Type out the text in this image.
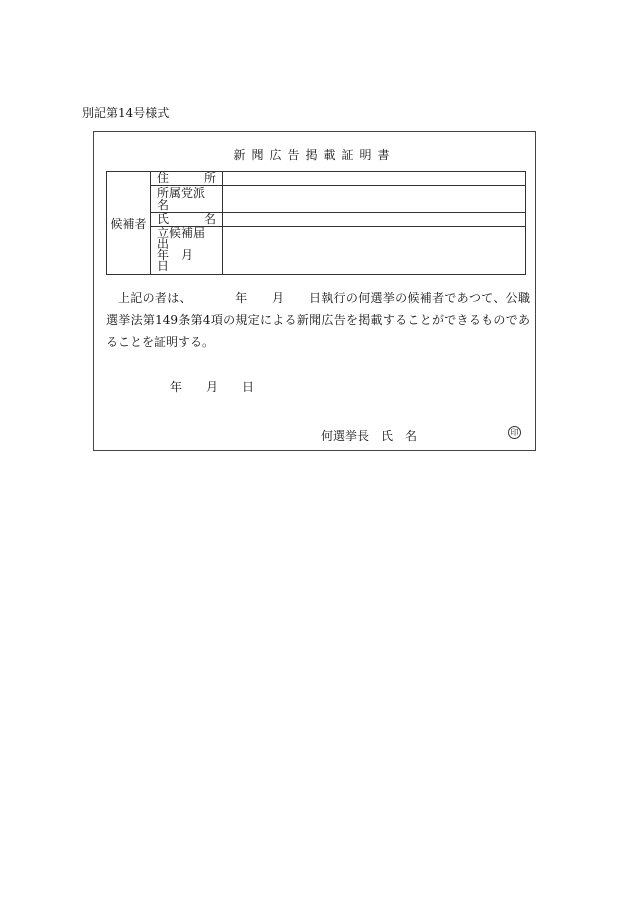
別記第14号様式
新聞広告掲載証明書
候補者	住 所	

	所属党派名	

	氏 名	

	立候補届出
年　月　日	

上記の者は、　　　　年　　月　　日執行の何選挙の候補者であつて、公職選挙法第149条第4項の規定による新聞広告を掲載することができるものであることを証明する。
年　　月　　日
何選挙長　氏　名	印
